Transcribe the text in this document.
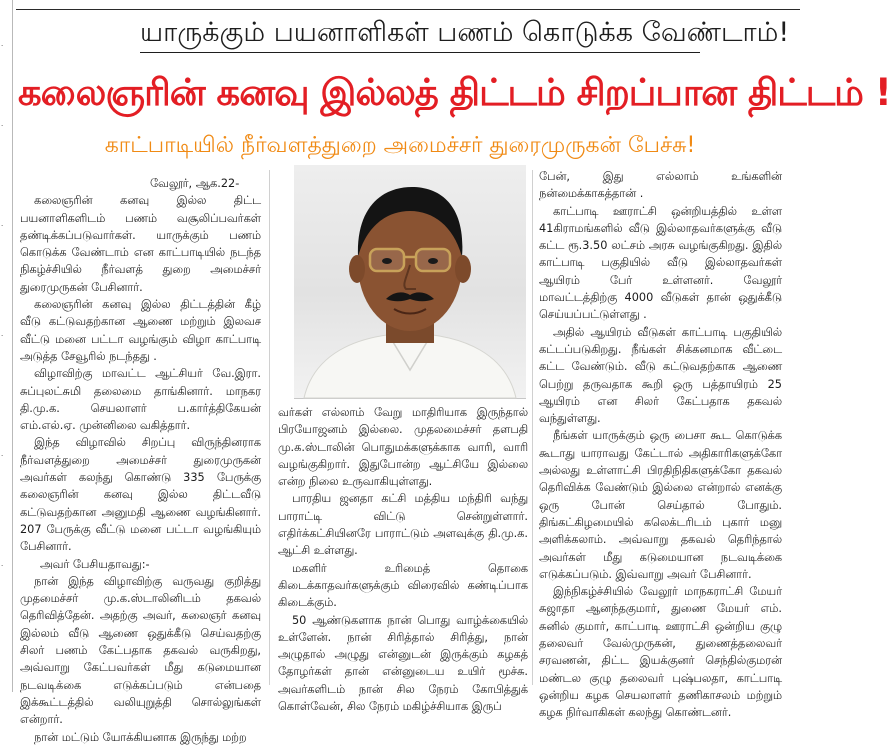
.
.
.
.
.
.
யாருக்கும் பயனாளிகள் பணம் கொடுக்க வேண்டாம்!
கலைஞரின் கனவு இல்லத் திட்டம் சிறப்பான திட்டம் !
காட்பாடியில் நீர்வளத்துறை அமைச்சர் துரைமுருகன் பேச்சு!

வேலூர், ஆக.22-

கலைஞரின் கனவு இல்ல திட்ட பயனாளிகளிடம் பணம் வசூலிப்பவர்கள் தண்டிக்கப்படுவார்கள். யாருக்கும் பணம் கொடுக்க வேண்டாம் என காட்பாடியில் நடந்த நிகழ்ச்சியில் நீர்வளத் துறை அமைச்சர் துரைமுருகன் பேசினார்.

கலைஞரின் கனவு இல்ல திட்டத்தின் கீழ் வீடு கட்டுவதற்கான ஆணை மற்றும் இலவச வீட்டு மனை பட்டா வழங்கும் விழா காட்பாடி அடுத்த சேவூரில் நடந்தது .

விழாவிற்கு மாவட்ட ஆட்சியர் வே.இரா. சுப்புலட்சுமி தலைமை தாங்கினார். மாநகர தி.மு.க. செயலாளர் ப.கார்த்திகேயன் எம்.எல்.ஏ. முன்னிலை வகித்தார்.

இந்த விழாவில் சிறப்பு விருந்தினராக நீர்வளத்துறை அமைச்சர் துரைமுருகன் அவர்கள் கலந்து கொண்டு 335 பேருக்கு கலைஞரின் கனவு இல்ல திட்டவீடு கட்டுவதற்கான அனுமதி ஆணை வழங்கினார். 207 பேருக்கு வீட்டு மனை பட்டா வழங்கியும் பேசினார்.

அவர் பேசியதாவது:-

நான் இந்த விழாவிற்கு வருவது குறித்து முதமைச்சர் மு.க.ஸ்டாலினிடம் தகவல் தெரிவித்தேன். அதற்கு அவர், கலைஞர் கனவு இல்லம் வீடு ஆணை ஒதுக்கீடு செய்வதற்கு சிலர் பணம் கேட்பதாக தகவல் வருகிறது, அவ்வாறு கேட்பவர்கள் மீது கடுமையான நடவடிக்கை எடுக்கப்படும் என்பதை இக்கூட்டத்தில் வலியுறுத்தி சொல்லுங்கள் என்றார்.

நான் மட்டும் யோக்கியனாக இருந்து மற்ற

வர்கள் எல்லாம் வேறு மாதிரியாக இருந்தால் பிரயோஜனம் இல்லை. முதலமைச்சர் தளபதி மு.க.ஸ்டாலின் பொதுமக்களுக்காக வாரி, வாரி வழங்குகிறார். இதுபோன்ற ஆட்சியே இல்லை என்ற நிலை உருவாகியுள்ளது.

பாரதிய ஜனதா கட்சி மத்திய மந்திரி வந்து பாராட்டி விட்டு சென்றுள்ளார். எதிர்க்கட்சியினரே பாராட்டும் அளவுக்கு தி.மு.க. ஆட்சி உள்ளது.

மகளிர் உரிமைத் தொகை கிடைக்காதவர்களுக்கும் விரைவில் கண்டிப்பாக கிடைக்கும்.

50 ஆண்டுகளாக நான் பொது வாழ்க்கையில் உள்ளேன். நான் சிரித்தால் சிரித்து, நான் அழுதால் அழுது என்னுடன் இருக்கும் கழகத் தோழர்கள் தான் என்னுடைய உயிர் மூச்சு. அவர்களிடம் நான் சில நேரம் கோபித்துக் கொள்வேன், சில நேரம் மகிழ்ச்சியாக இருப்

பேன், இது எல்லாம் உங்களின் நன்மைக்காகத்தான் .

காட்பாடி ஊராட்சி ஒன்றியத்தில் உள்ள 41கிராமங்களில் வீடு இல்லாதவர்களுக்கு வீடு கட்ட ரூ.3.50 லட்சம் அரசு வழங்குகிறது. இதில் காட்பாடி பகுதியில் வீடு இல்லாதவர்கள் ஆயிரம் பேர் உள்ளனர். வேலூர் மாவட்டத்திற்கு 4000 வீடுகள் தான் ஒதுக்கீடு செய்யப்பட்டுள்ளது .

அதில் ஆயிரம் வீடுகள் காட்பாடி பகுதியில் கட்டப்படுகிறது. நீங்கள் சிக்கனமாக வீட்டை கட்ட வேண்டும். வீடு கட்டுவதற்காக ஆணை பெற்று தருவதாக கூறி ஒரு பத்தாயிரம் 25 ஆயிரம் என சிலர் கேட்பதாக தகவல் வந்துள்ளது.

நீங்கள் யாருக்கும் ஒரு பைசா கூட கொடுக்க கூடாது யாராவது கேட்டால் அதிகாரிகளுக்கோ அல்லது உள்ளாட்சி பிரதிநிதிகளுக்கோ தகவல் தெரிவிக்க வேண்டும் இல்லை என்றால் எனக்கு ஒரு போன் செய்தால் போதும். திங்கட்கிழமையில் கலெக்டரிடம் புகார் மனு அளிக்கலாம். அவ்வாறு தகவல் தெரிந்தால் அவர்கள் மீது கடுமையான நடவடிக்கை எடுக்கப்படும். இவ்வாறு அவர் பேசினார்.

இந்நிகழ்ச்சியில் வேலூர் மாநகராட்சி மேயர் சுஜாதா ஆனந்தகுமார், துணை மேயர் எம். சுனில் குமார், காட்பாடி ஊராட்சி ஒன்றிய குழு தலைவர் வேல்முருகன், துணைத்தலைவர் சரவணன், திட்ட இயக்குனர் செந்தில்குமரன் மண்டல குழு தலைவர் புஷ்பலதா, காட்பாடி ஒன்றிய கழக செயலாளர் தணிகாசலம் மற்றும் கழக நிர்வாகிகள் கலந்து கொண்டனர்.
